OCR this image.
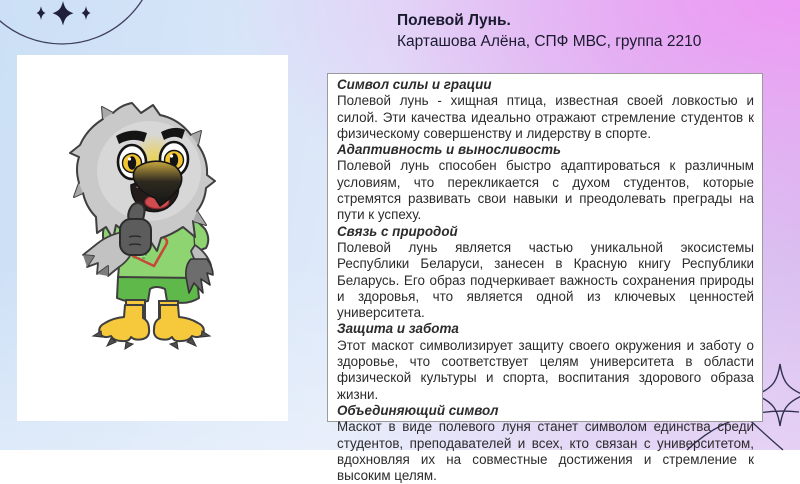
Полевой Лунь.
Карташова Алёна, СПФ МВС, группа 2210
Символ силы и грации
Полевой лунь - хищная птица, известная своей ловкостью и силой. Эти качества идеально отражают стремление студентов к физическому совершенству и лидерству в спорте.
Адаптивность и выносливость
Полевой лунь способен быстро адаптироваться к различным условиям, что перекликается с духом студентов, которые стремятся развивать свои навыки и преодолевать преграды на пути к успеху.
Связь с природой
Полевой лунь является частью уникальной экосистемы Республики Беларуси, занесен в Красную книгу Республики Беларусь. Его образ подчеркивает важность сохранения природы и здоровья, что является одной из ключевых ценностей университета.
Защита и забота
Этот маскот символизирует защиту своего окружения и заботу о здоровье, что соответствует целям университета в области физической культуры и спорта, воспитания здорового образа жизни.
Объединяющий символ
Маскот в виде полевого луня станет символом единства среди студентов, преподавателей и всех, кто связан с университетом, вдохновляя их на совместные достижения и стремление к высоким целям.
